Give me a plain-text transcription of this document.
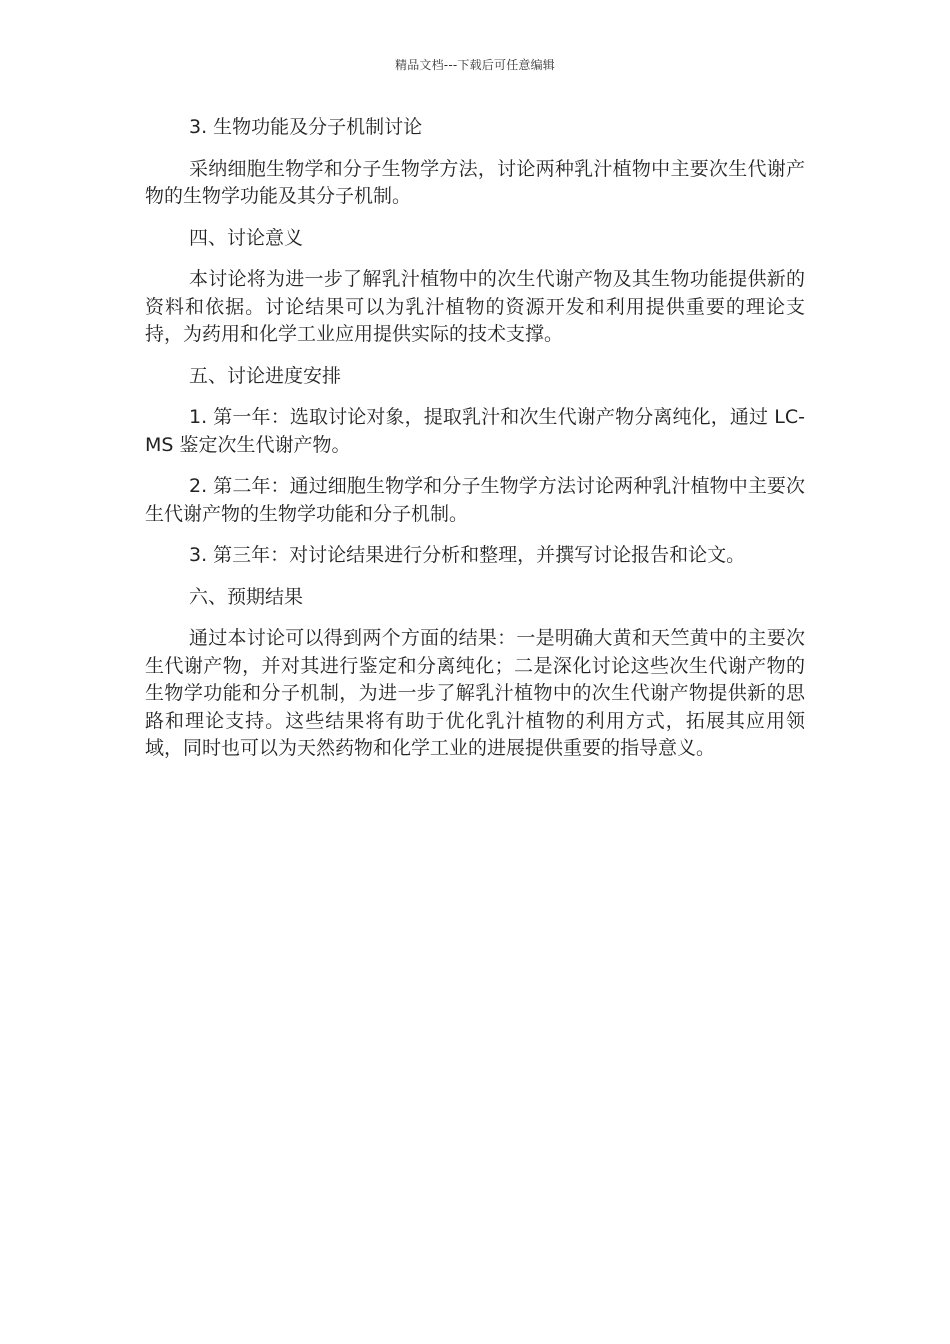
精品文档---下载后可任意编辑

3. 生物功能及分子机制讨论

采纳细胞生物学和分子生物学方法，讨论两种乳汁植物中主要次生代谢产物的生物学功能及其分子机制。

四、讨论意义

本讨论将为进一步了解乳汁植物中的次生代谢产物及其生物功能提供新的资料和依据。讨论结果可以为乳汁植物的资源开发和利用提供重要的理论支持，为药用和化学工业应用提供实际的技术支撑。

五、讨论进度安排

1. 第一年：选取讨论对象，提取乳汁和次生代谢产物分离纯化，通过 LC-MS 鉴定次生代谢产物。

2. 第二年：通过细胞生物学和分子生物学方法讨论两种乳汁植物中主要次生代谢产物的生物学功能和分子机制。

3. 第三年：对讨论结果进行分析和整理，并撰写讨论报告和论文。

六、预期结果

通过本讨论可以得到两个方面的结果：一是明确大黄和天竺黄中的主要次生代谢产物，并对其进行鉴定和分离纯化；二是深化讨论这些次生代谢产物的生物学功能和分子机制，为进一步了解乳汁植物中的次生代谢产物提供新的思路和理论支持。这些结果将有助于优化乳汁植物的利用方式，拓展其应用领域，同时也可以为天然药物和化学工业的进展提供重要的指导意义。
